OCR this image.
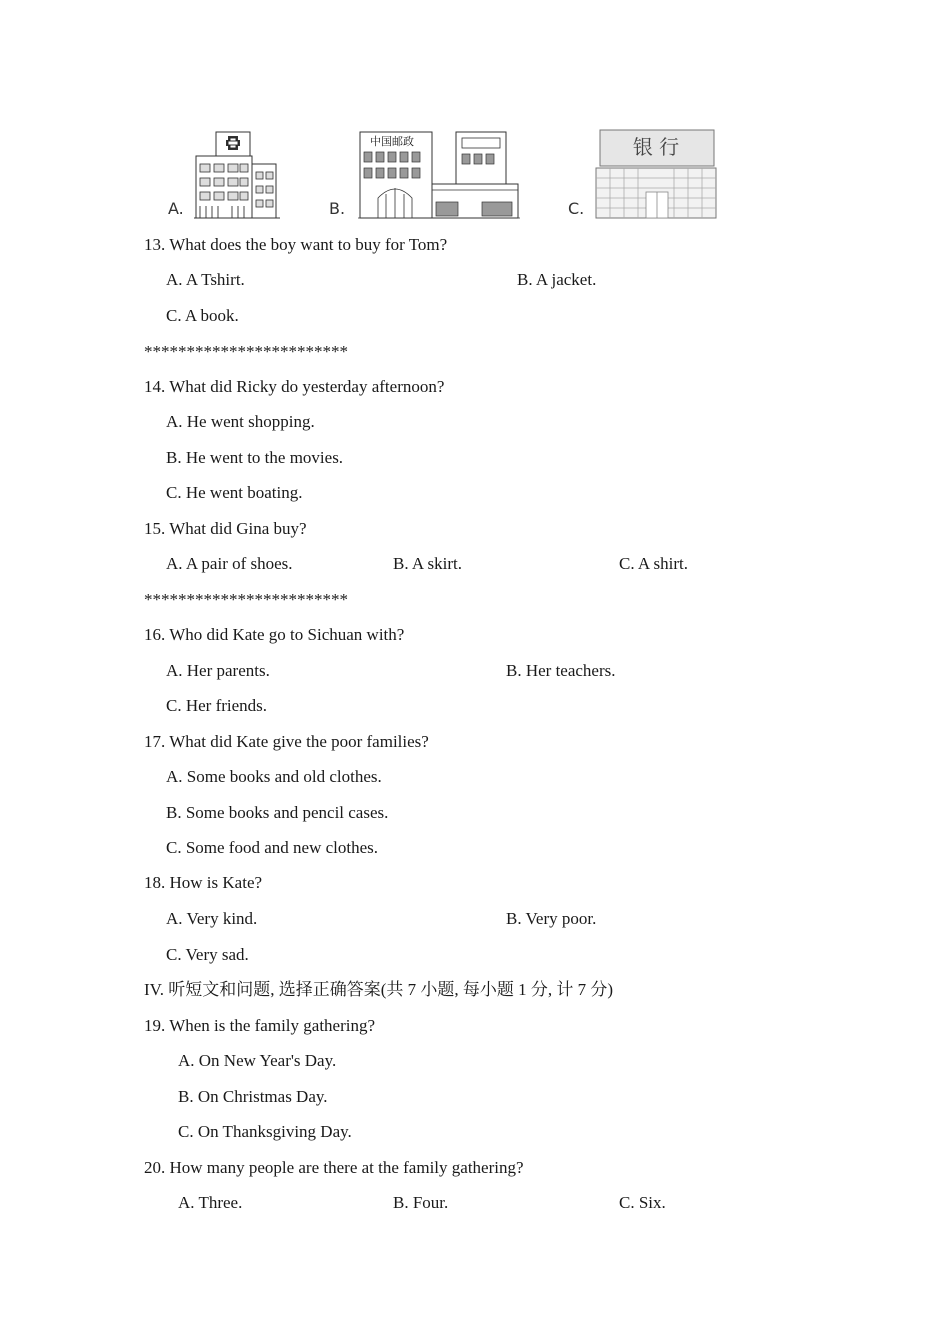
A.	B.
中国邮政
C.
银 行
13. What does the boy want to buy for Tom?
A. A Tshirt.	B. A jacket.
C. A book.
************************
14. What did Ricky do yesterday afternoon?
A. He went shopping.
B. He went to the movies.
C. He went boating.
15. What did Gina buy?
A. A pair of shoes.	B. A skirt.	C. A shirt.
************************
16. Who did Kate go to Sichuan with?
A. Her parents.	B. Her teachers.
C. Her friends.
17. What did Kate give the poor families?
A. Some books and old clothes.
B. Some books and pencil cases.
C. Some food and new clothes.
18. How is Kate?
A. Very kind.	B. Very poor.
C. Very sad.
IV. 听短文和问题, 选择正确答案(共 7 小题, 每小题 1 分, 计 7 分)
19. When is the family gathering?
A. On New Year's Day.
B. On Christmas Day.
C. On Thanksgiving Day.
20. How many people are there at the family gathering?
A. Three.	B. Four.	C. Six.
